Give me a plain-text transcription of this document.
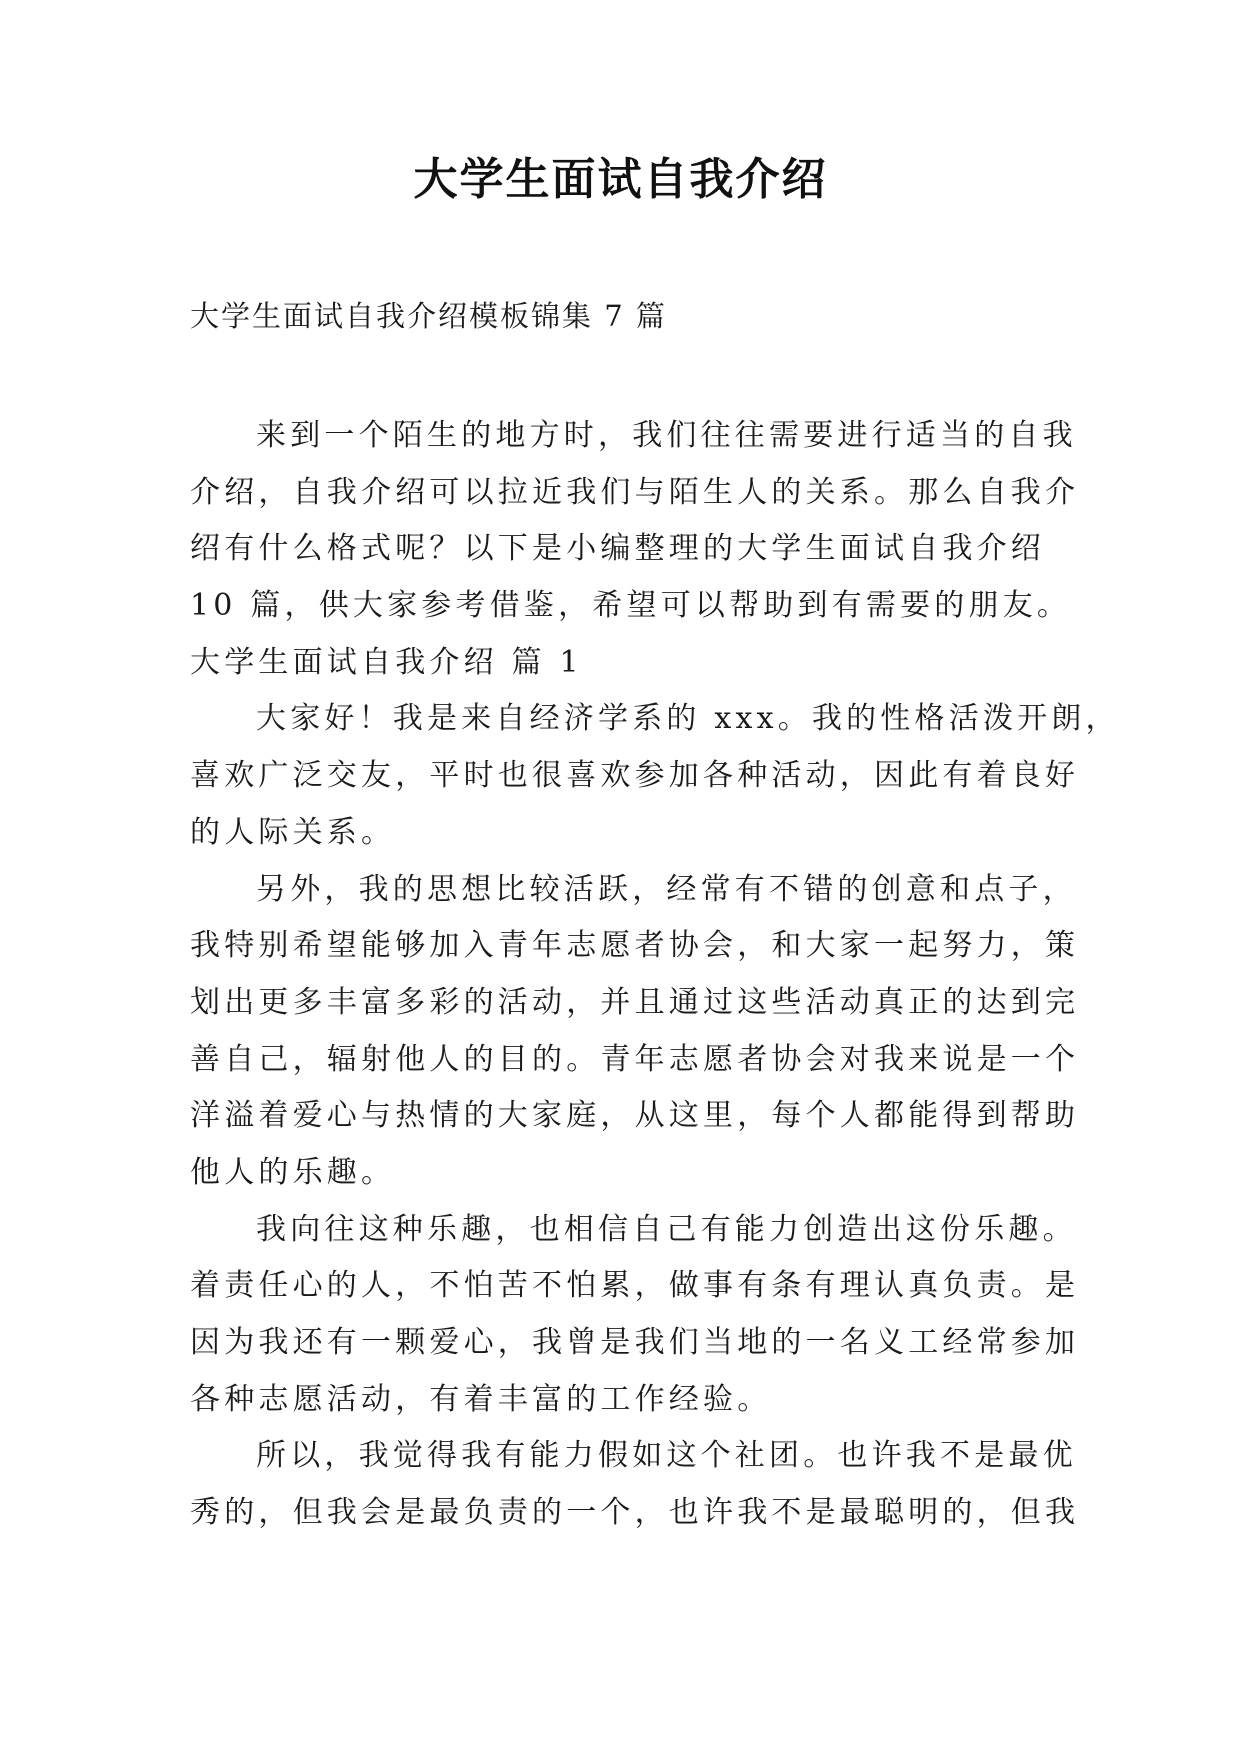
大学生面试自我介绍
大学生面试自我介绍模板锦集 7 篇
来到一个陌生的地方时，我们往往需要进行适当的自我
介绍，自我介绍可以拉近我们与陌生人的关系。那么自我介
绍有什么格式呢？以下是小编整理的大学生面试自我介绍
10 篇，供大家参考借鉴，希望可以帮助到有需要的朋友。
大学生面试自我介绍 篇 1
大家好！我是来自经济学系的 xxx。我的性格活泼开朗，
喜欢广泛交友，平时也很喜欢参加各种活动，因此有着良好
的人际关系。
另外，我的思想比较活跃，经常有不错的创意和点子，
我特别希望能够加入青年志愿者协会，和大家一起努力，策
划出更多丰富多彩的活动，并且通过这些活动真正的达到完
善自己，辐射他人的目的。青年志愿者协会对我来说是一个
洋溢着爱心与热情的大家庭，从这里，每个人都能得到帮助
他人的乐趣。
我向往这种乐趣，也相信自己有能力创造出这份乐趣。
着责任心的人，不怕苦不怕累，做事有条有理认真负责。是
因为我还有一颗爱心，我曾是我们当地的一名义工经常参加
各种志愿活动，有着丰富的工作经验。
所以，我觉得我有能力假如这个社团。也许我不是最优
秀的，但我会是最负责的一个，也许我不是最聪明的，但我
